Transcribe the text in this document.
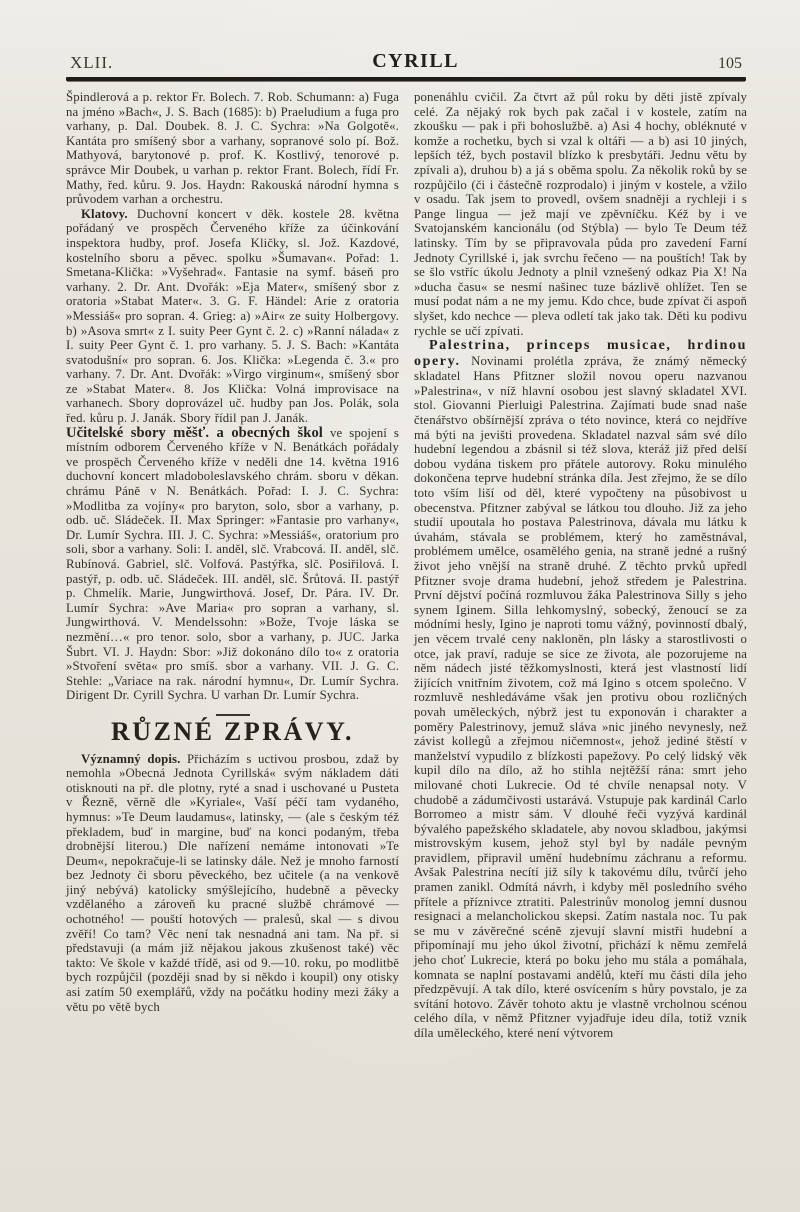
XLII.	CYRILL	105

Špindlerová a p. rektor Fr. Bolech. 7. Rob. Schumann: a) Fuga na jméno »Bach«, J. S. Bach (1685): b) Praeludium a fuga pro varhany, p. Dal. Doubek. 8. J. C. Sychra: »Na Golgotě«. Kantáta pro smíšený sbor a varhany, sopranové solo pí. Bož. Mathyová, barytonové p. prof. K. Kostlivý, tenorové p. správce Mir Doubek, u varhan p. rektor Frant. Bolech, řídí Fr. Mathy, řed. kůru. 9. Jos. Haydn: Rakouská národní hymna s průvodem varhan a orchestru.

Klatovy. Duchovní koncert v děk. kostele 28. května pořádaný ve prospěch Červeného kříže za účinkování inspektora hudby, prof. Josefa Kličky, sl. Jož. Kazdové, kostelního sboru a pěvec. spolku »Šumavan«. Pořad: 1. Smetana-Klička: »Vyšehrad«. Fantasie na symf. báseň pro varhany. 2. Dr. Ant. Dvořák: »Eja Mater«, smíšený sbor z oratoria »Stabat Mater«. 3. G. F. Händel: Arie z oratoria »Messiáš« pro sopran. 4. Grieg: a) »Air« ze suity Holbergovy. b) »Asova smrt« z I. suity Peer Gynt č. 2. c) »Ranní nálada« z I. suity Peer Gynt č. 1. pro varhany. 5. J. S. Bach: »Kantáta svatodušní« pro sopran. 6. Jos. Klička: »Legenda č. 3.« pro varhany. 7. Dr. Ant. Dvořák: »Virgo virginum«, smíšený sbor ze »Stabat Mater«. 8. Jos Klička: Volná improvisace na varhanech. Sbory doprovázel uč. hudby pan Jos. Polák, sola řed. kůru p. J. Janák. Sbory řídil pan J. Janák.

Učitelské sbory měšť. a obecných škol ve spojení s místním odborem Červeného kříže v N. Benátkách pořádaly ve prospěch Červeného kříže v neděli dne 14. května 1916 duchovní koncert mladoboleslavského chrám. sboru v děkan. chrámu Páně v N. Benátkách. Pořad: I. J. C. Sychra: »Modlitba za vojíny« pro baryton, solo, sbor a varhany, p. odb. uč. Sládeček. II. Max Springer: »Fantasie pro varhany«, Dr. Lumír Sychra. III. J. C. Sychra: »Messiáš«, oratorium pro soli, sbor a varhany. Soli: I. anděl, slč. Vrabcová. II. anděl, slč. Rubínová. Gabriel, slč. Volfová. Pastýřka, slč. Posiřilová. I. pastýř, p. odb. uč. Sládeček. III. anděl, slč. Šrůtová. II. pastýř p. Chmelík. Marie, Jungwirthová. Josef, Dr. Pára. IV. Dr. Lumír Sychra: »Ave Maria« pro sopran a varhany, sl. Jungwirthová. V. Mendelssohn: »Bože, Tvoje láska se nezmění…« pro tenor. solo, sbor a varhany, p. JUC. Jarka Šubrt. VI. J. Haydn: Sbor: »Již dokonáno dílo to« z oratoria »Stvoření světa« pro smíš. sbor a varhany. VII. J. G. C. Stehle: „Variace na rak. národní hymnu«, Dr. Lumír Sychra. Dirigent Dr. Cyrill Sychra. U varhan Dr. Lumír Sychra.

RŮZNÉ ZPRÁVY.

Významný dopis. Přicházím s uctivou prosbou, zdaž by nemohla »Obecná Jednota Cyrillská« svým nákladem dáti otisknouti na př. dle plotny, ryté a snad i uschované u Pusteta v Řezně, věrně dle »Kyriale«, Vaší péčí tam vydaného, hymnus: »Te Deum laudamus«, latinsky, — (ale s českým též překladem, buď in margine, buď na konci podaným, třeba drobnější literou.) Dle nařízení nemáme intonovati »Te Deum«, nepokračuje-li se latinsky dále. Než je mnoho farností bez Jednoty či sboru pěveckého, bez učitele (a na venkově jiný nebývá) katolicky smýšlejícího, hudebně a pěvecky vzdělaného a zároveň ku pracné službě chrámové — ochotného! — pouští hotových — pralesů, skal — s divou zvěří! Co tam? Věc není tak nesnadná ani tam. Na př. si představuji (a mám již nějakou jakous zkušenost také) věc takto: Ve škole v každé třídě, asi od 9.—10. roku, po modlitbě bych rozpůjčil (později snad by si někdo i koupil) ony otisky asi zatím 50 exemplářů, vždy na počátku hodiny mezi žáky a větu po větě bych

ponenáhlu cvičil. Za čtvrt až půl roku by děti jistě zpívaly celé. Za nějaký rok bych pak začal i v kostele, zatím na zkoušku — pak i při bohoslužbě. a) Asi 4 hochy, obléknuté v komže a rochetku, bych si vzal k oltáři — a b) asi 10 jiných, lepších též, bych postavil blízko k presbytáři. Jednu větu by zpívali a), druhou b) a já s oběma spolu. Za několik roků by se rozpůjčilo (či i částečně rozprodalo) i jiným v kostele, a vžilo v osadu. Tak jsem to provedl, ovšem snadněji a rychleji i s Pange lingua — jež mají ve zpěvníčku. Kéž by i ve Svatojanském kancionálu (od Stýbla) — bylo Te Deum též latinsky. Tím by se připravovala půda pro zavedení Farní Jednoty Cyrillské i, jak svrchu řečeno — na pouštích! Tak by se šlo vstříc úkolu Jednoty a plnil vznešený odkaz Pia X! Na »ducha času« se nesmí našinec tuze bázlivě ohlížet. Ten se musí podat nám a ne my jemu. Kdo chce, bude zpívat či aspoň slyšet, kdo nechce — pleva odletí tak jako tak. Děti ku podivu rychle se učí zpívati.

Palestrina, princeps musicae, hrdinou opery. Novinami prolétla zpráva, že známý německý skladatel Hans Pfitzner složil novou operu nazvanou »Palestrina«, v níž hlavní osobou jest slavný skladatel XVI. stol. Giovanni Pierluigi Palestrina. Zajímati bude snad naše čtenářstvo obšírnější zpráva o této novince, která co nejdříve má býti na jevišti provedena. Skladatel nazval sám své dílo hudební legendou a zbásnil si též slova, kteráž již před delší dobou vydána tiskem pro přátele autorovy. Roku minulého dokončena teprve hudební stránka díla. Jest zřejmo, že se dílo toto vším liší od děl, které vypočteny na působivost u obecenstva. Pfitzner zabýval se látkou tou dlouho. Již za jeho studií upoutala ho postava Palestrinova, dávala mu látku k úvahám, stávala se problémem, který ho zaměstnával, problémem umělce, osamělého genia, na straně jedné a rušný život jeho vnější na straně druhé. Z těchto prvků upředl Pfitzner svoje drama hudební, jehož středem je Palestrina. První dějství počíná rozmluvou žáka Palestrinova Silly s jeho synem Iginem. Silla lehkomyslný, sobecký, ženoucí se za módními hesly, Igino je naproti tomu vážný, povinností dbalý, jen věcem trvalé ceny nakloněn, pln lásky a starostlivosti o otce, jak praví, raduje se sice ze života, ale pozorujeme na něm nádech jisté těžkomyslnosti, která jest vlastností lidí žijících vnitřním životem, což má Igino s otcem společno. V rozmluvě neshledáváme však jen protivu obou rozličných povah uměleckých, nýbrž jest tu exponován i charakter a poměry Palestrinovy, jemuž sláva »nic jiného nevynesly, než závist kollegů a zřejmou ničemnost«, jehož jediné štěstí v manželství vypudilo z blízkosti papežovy. Po celý lidský věk kupil dílo na dílo, až ho stihla nejtěžší rána: smrt jeho milované choti Lukrecie. Od té chvíle nenapsal noty. V chudobě a zádumčivosti ustarává. Vstupuje pak kardinál Carlo Borromeo a mistr sám. V dlouhé řeči vyzývá kardinál bývalého papežského skladatele, aby novou skladbou, jakýmsi mistrovským kusem, jehož styl byl by nadále pevným pravidlem, připravil umění hudebnímu záchranu a reformu. Avšak Palestrina necítí již síly k takovému dílu, tvůrčí jeho pramen zanikl. Odmítá návrh, i kdyby měl posledního svého přítele a příznivce ztratiti. Palestrinův monolog jemní dusnou resignaci a melancholickou skepsi. Zatím nastala noc. Tu pak se mu v závěrečné scéně zjevují slavní mistři hudební a připomínají mu jeho úkol životní, přichází k němu zemřelá jeho choť Lukrecie, která po boku jeho mu stála a pomáhala, komnata se naplní postavami andělů, kteří mu části díla jeho předzpěvují. A tak dílo, které osvícením s hůry povstalo, je za svítání hotovo. Závěr tohoto aktu je vlastně vrcholnou scénou celého díla, v němž Pfitzner vyjadřuje ideu díla, totiž vznik díla uměleckého, které není výtvorem
